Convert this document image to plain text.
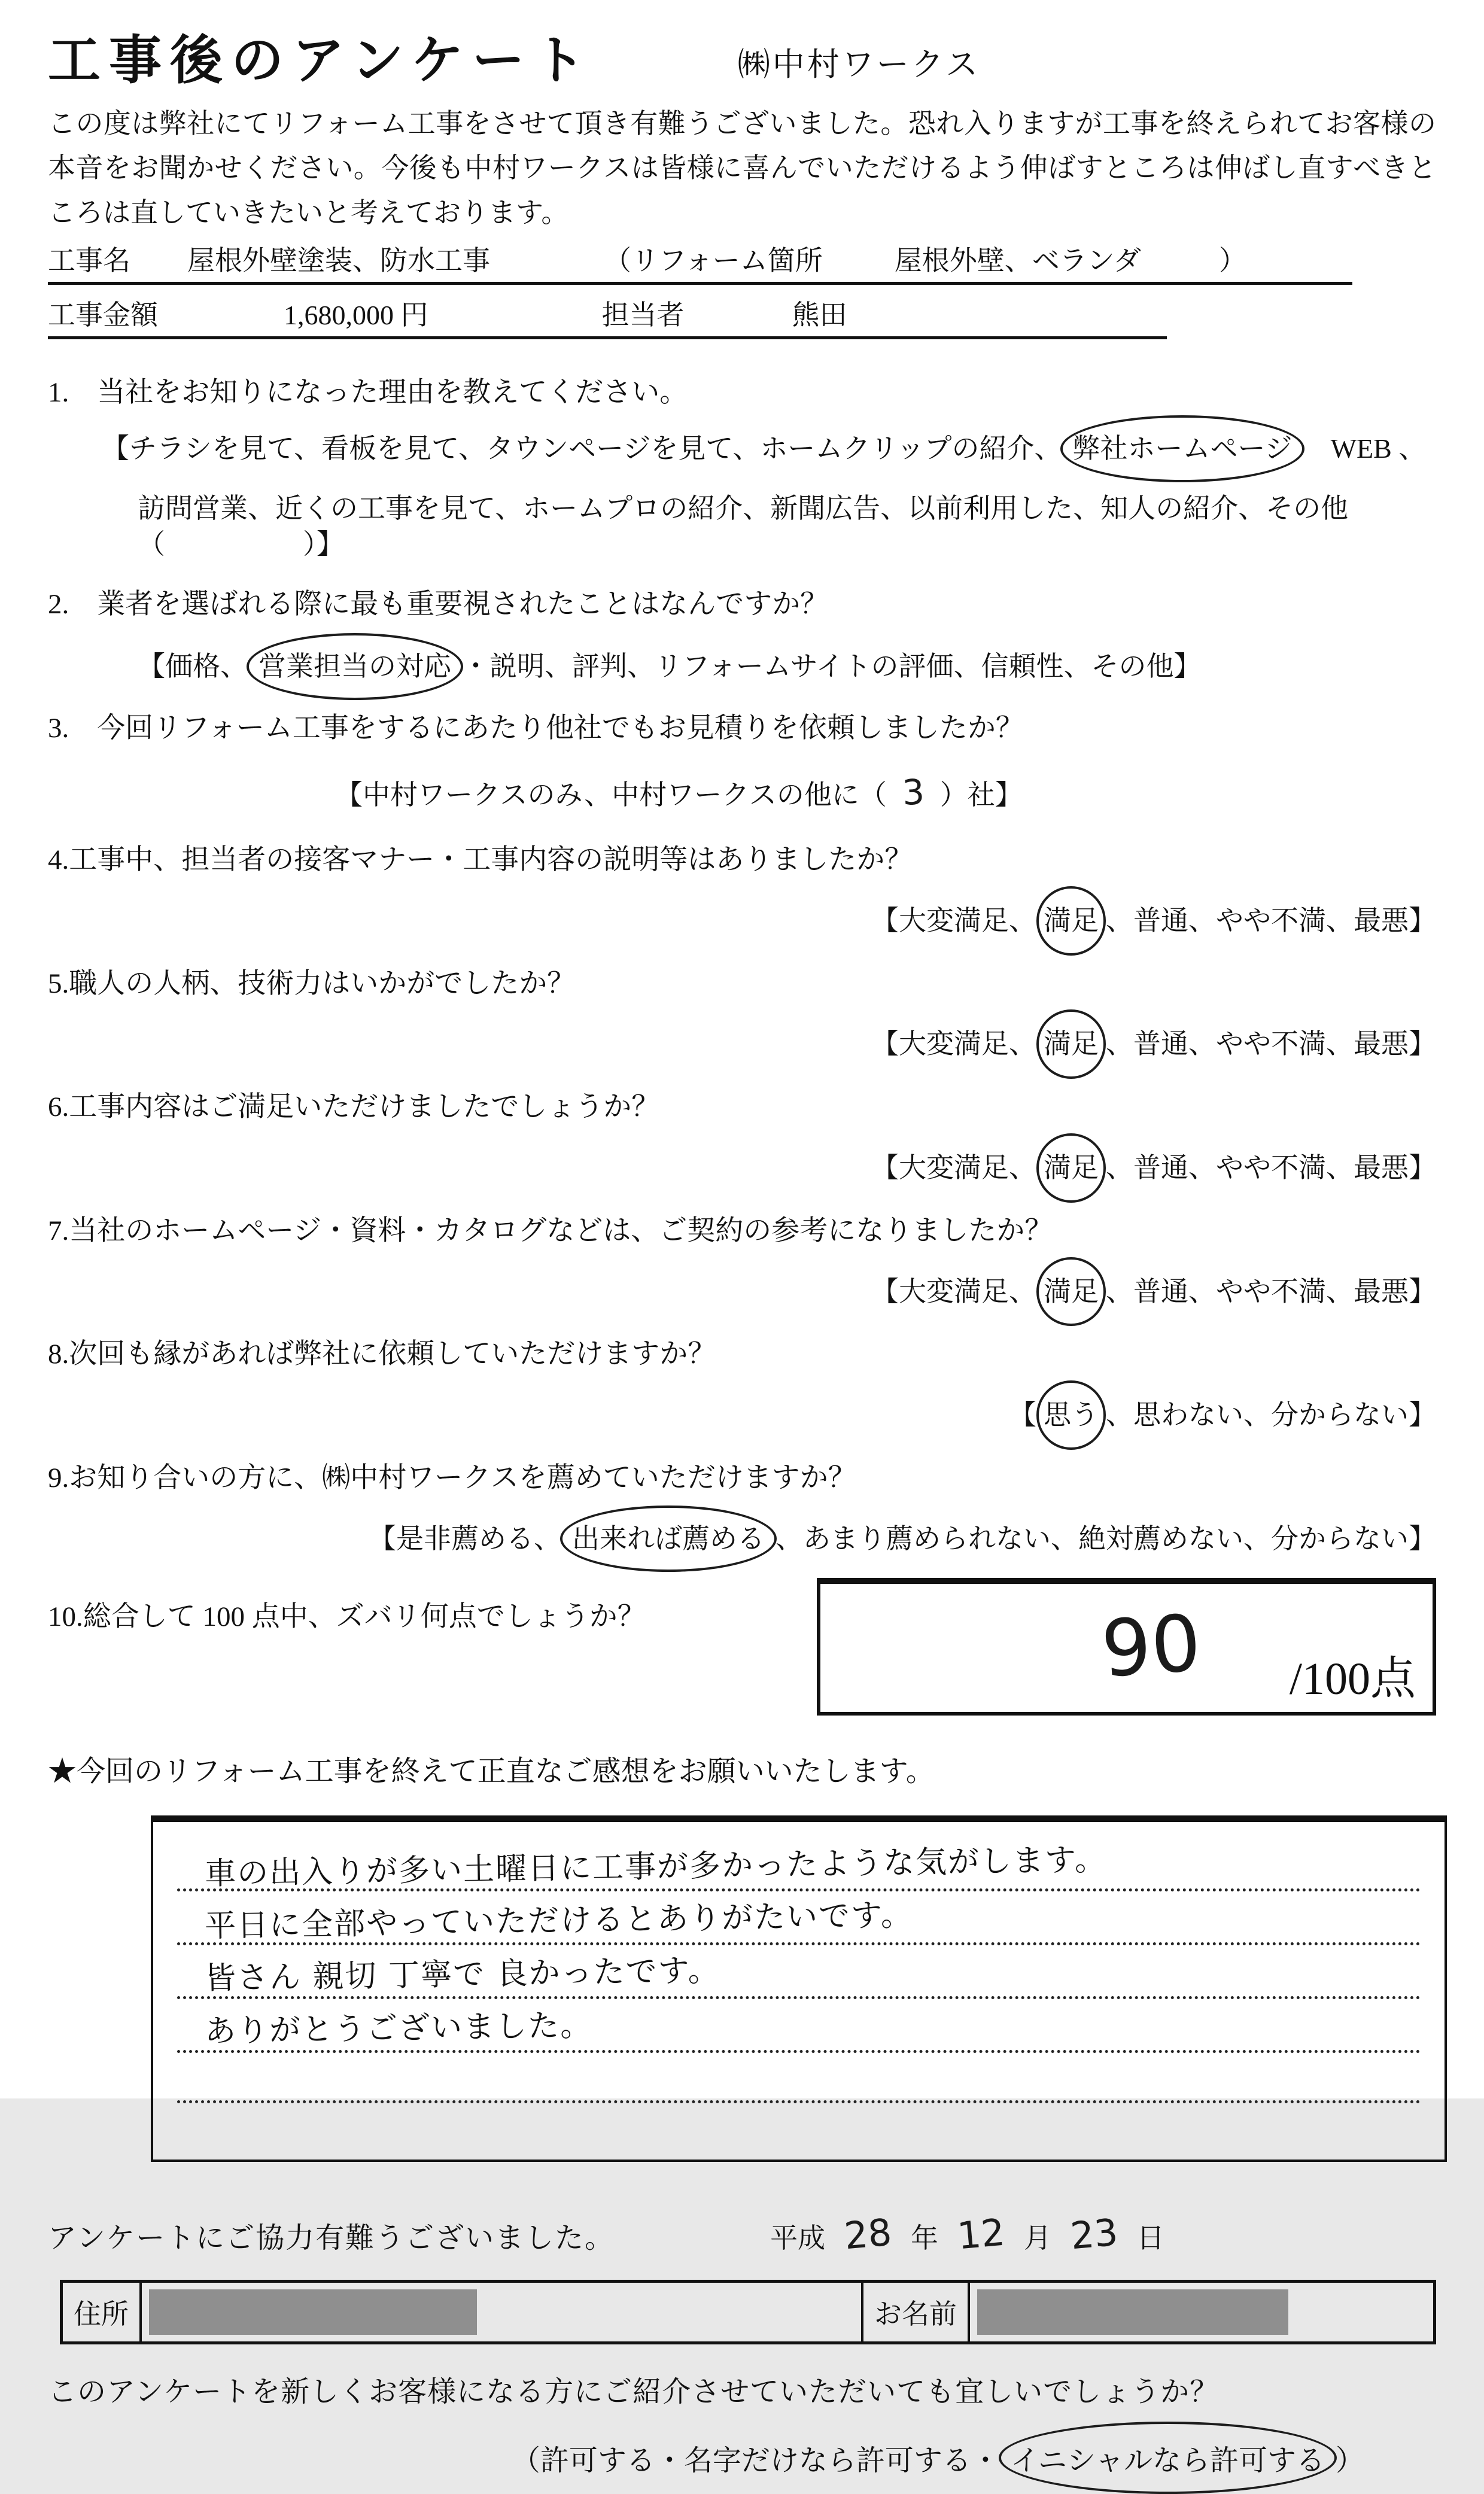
工事後のアンケート	㈱中村ワークス
この度は弊社にてリフォーム工事をさせて頂き有難うございました。恐れ入りますが工事を終えられてお客様の本音をお聞かせください。今後も中村ワークスは皆様に喜んでいただけるよう伸ばすところは伸ばし直すべきところは直していきたいと考えております。
工事名 屋根外壁塗装、防水工事	（リフォーム箇所	屋根外壁、ベランダ	）
工事金額	1,680,000 円	担当者	熊田
1.　当社をお知りになった理由を教えてください。
【チラシを見て、看板を見て、タウンページを見て、ホームクリップの紹介、 弊社ホームページ　WEB 、
訪問営業、近くの工事を見て、ホームプロの紹介、新聞広告、以前利用した、知人の紹介、その他（　　　　　）】
2.　業者を選ばれる際に最も重要視されたことはなんですか？
【価格、 営業担当の対応 ・説明、評判、リフォームサイトの評価、信頼性、その他】
3.　今回リフォーム工事をするにあたり他社でもお見積りを依頼しましたか？
【中村ワークスのみ、中村ワークスの他に（ 3 ）社】
4.工事中、担当者の接客マナー・工事内容の説明等はありましたか？
【大変満足、 満足 、普通、やや不満、最悪】
5.職人の人柄、技術力はいかがでしたか？
【大変満足、 満足 、普通、やや不満、最悪】
6.工事内容はご満足いただけましたでしょうか？
【大変満足、 満足 、普通、やや不満、最悪】
7.当社のホームページ・資料・カタログなどは、ご契約の参考になりましたか？
【大変満足、 満足 、普通、やや不満、最悪】
8.次回も縁があれば弊社に依頼していただけますか？
【 思う 、思わない、分からない】
9.お知り合いの方に、㈱中村ワークスを薦めていただけますか？
【是非薦める、 出来れば薦める 、あまり薦められない、絶対薦めない、分からない】
10.総合して 100 点中、ズバリ何点でしょうか？	90 /100点
★今回のリフォーム工事を終えて正直なご感想をお願いいたします。
車の出入りが多い土曜日に工事が多かったような気がします。
平日に全部やっていただけるとありがたいです。
皆さん 親切 丁寧で 良かったです。
ありがとうございました。
アンケートにご協力有難うございました。	平成 28 年 12 月 23 日
住所	お名前
このアンケートを新しくお客様になる方にご紹介させていただいても宜しいでしょうか？
（許可する・名字だけなら許可する・ イニシャルなら許可する ）
